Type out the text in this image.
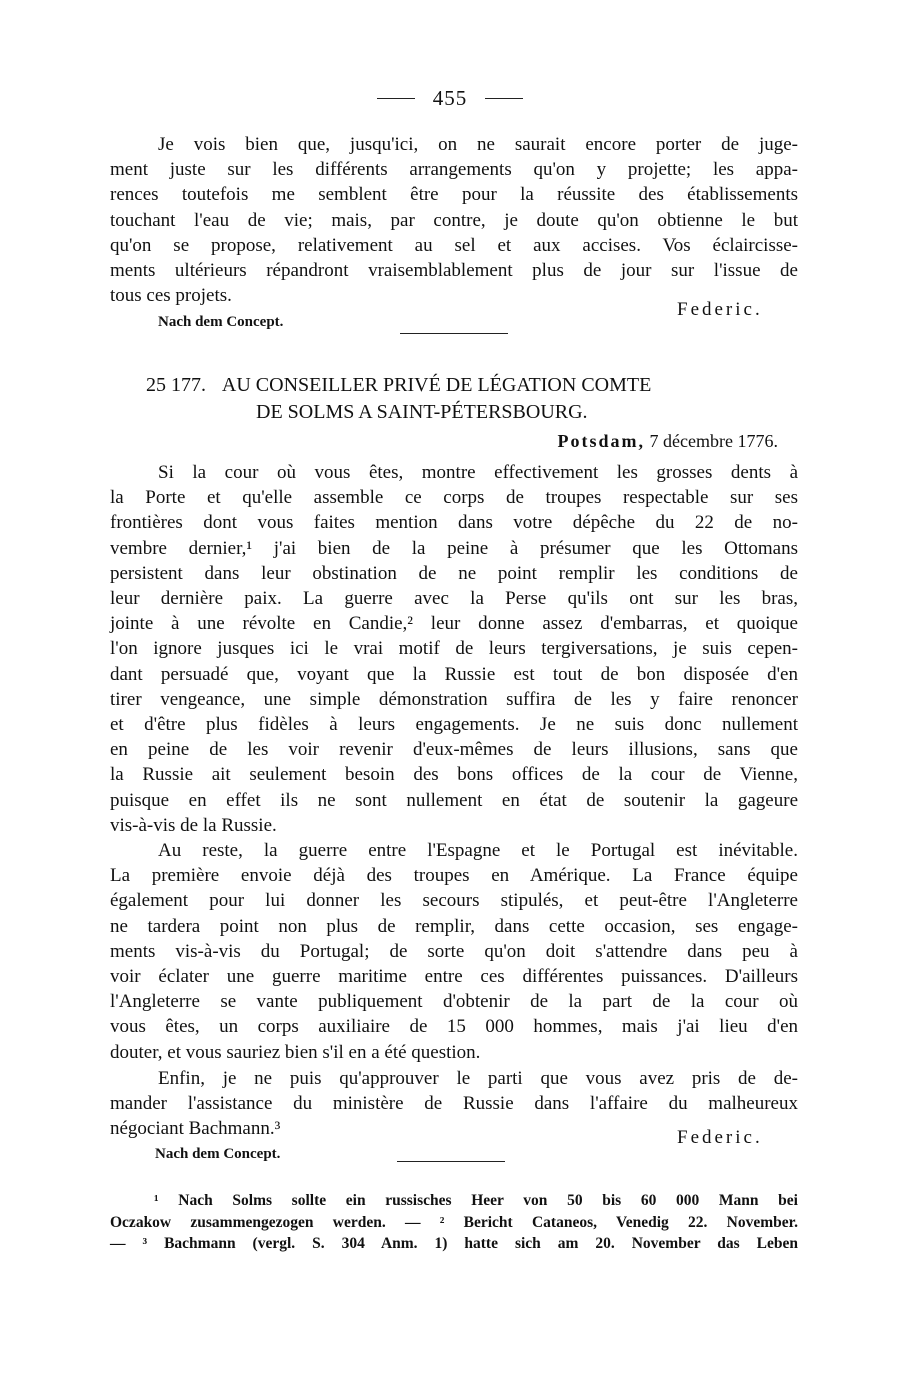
455
Je vois bien que, jusqu'ici, on ne saurait encore porter de juge-
ment juste sur les différents arrangements qu'on y projette; les appa-
rences toutefois me semblent être pour la réussite des établissements
touchant l'eau de vie; mais, par contre, je doute qu'on obtienne le but
qu'on se propose, relativement au sel et aux accises. Vos éclaircisse-
ments ultérieurs répandront vraisemblablement plus de jour sur l'issue de
tous ces projets.
Federic.
Nach dem Concept.
25 177. AU CONSEILLER PRIVÉ DE LÉGATION COMTE
DE SOLMS A SAINT-PÉTERSBOURG.
Potsdam, 7 décembre 1776.
Si la cour où vous êtes, montre effectivement les grosses dents à
la Porte et qu'elle assemble ce corps de troupes respectable sur ses
frontières dont vous faites mention dans votre dépêche du 22 de no-
vembre dernier,¹ j'ai bien de la peine à présumer que les Ottomans
persistent dans leur obstination de ne point remplir les conditions de
leur dernière paix. La guerre avec la Perse qu'ils ont sur les bras,
jointe à une révolte en Candie,² leur donne assez d'embarras, et quoique
l'on ignore jusques ici le vrai motif de leurs tergiversations, je suis cepen-
dant persuadé que, voyant que la Russie est tout de bon disposée d'en
tirer vengeance, une simple démonstration suffira de les y faire renoncer
et d'être plus fidèles à leurs engagements. Je ne suis donc nullement
en peine de les voir revenir d'eux-mêmes de leurs illusions, sans que
la Russie ait seulement besoin des bons offices de la cour de Vienne,
puisque en effet ils ne sont nullement en état de soutenir la gageure
vis-à-vis de la Russie.
Au reste, la guerre entre l'Espagne et le Portugal est inévitable.
La première envoie déjà des troupes en Amérique. La France équipe
également pour lui donner les secours stipulés, et peut-être l'Angleterre
ne tardera point non plus de remplir, dans cette occasion, ses engage-
ments vis-à-vis du Portugal; de sorte qu'on doit s'attendre dans peu à
voir éclater une guerre maritime entre ces différentes puissances. D'ailleurs
l'Angleterre se vante publiquement d'obtenir de la part de la cour où
vous êtes, un corps auxiliaire de 15 000 hommes, mais j'ai lieu d'en
douter, et vous sauriez bien s'il en a été question.
Enfin, je ne puis qu'approuver le parti que vous avez pris de de-
mander l'assistance du ministère de Russie dans l'affaire du malheureux
négociant Bachmann.³	Federic.
Nach dem Concept.
¹ Nach Solms sollte ein russisches Heer von 50 bis 60 000 Mann bei
Oczakow zusammengezogen werden. — ² Bericht Cataneos, Venedig 22. November.
— ³ Bachmann (vergl. S. 304 Anm. 1) hatte sich am 20. November das Leben
